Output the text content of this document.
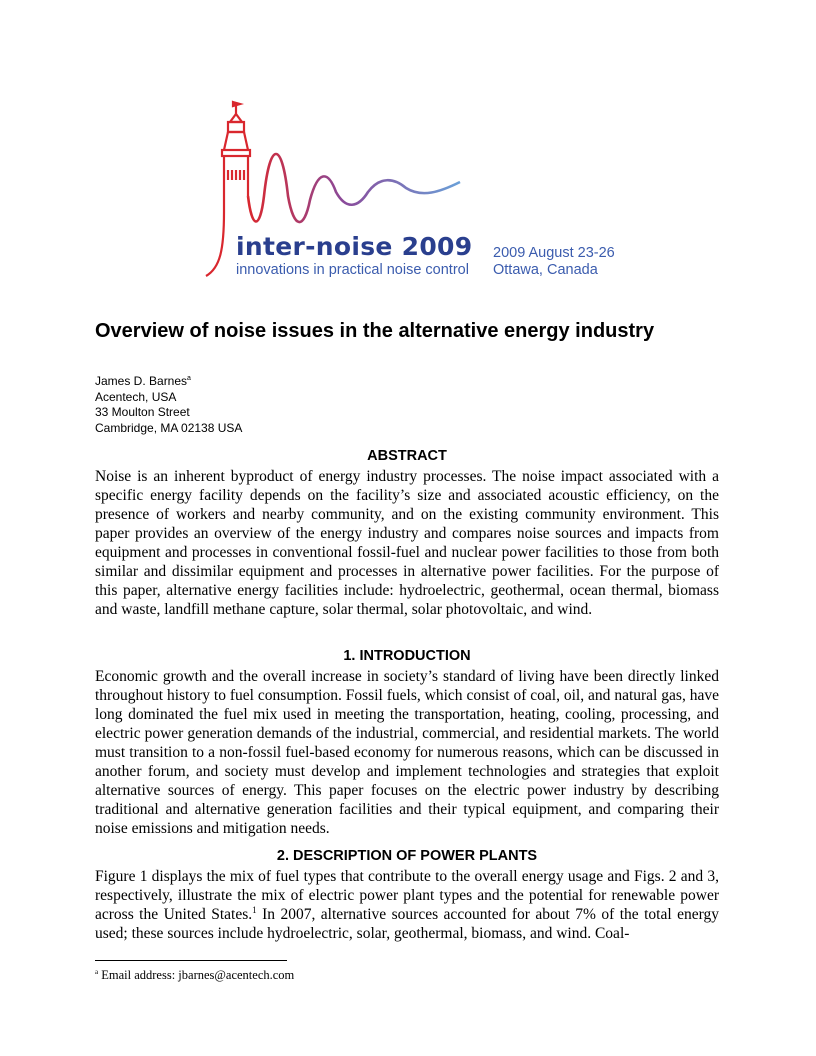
inter-noise 2009
innovations in practical noise control
2009 August 23-26
Ottawa, Canada
Overview of noise issues in the alternative energy industry
James D. Barnes$^a$
Acentech, USA
33 Moulton Street
Cambridge, MA 02138 USA
ABSTRACT

Noise is an inherent byproduct of energy industry processes. The noise impact associated with a specific energy facility depends on the facility’s size and associated acoustic efficiency, on the presence of workers and nearby community, and on the existing community environment. This paper provides an overview of the energy industry and compares noise sources and impacts from equipment and processes in conventional fossil-fuel and nuclear power facilities to those from both similar and dissimilar equipment and processes in alternative power facilities. For the purpose of this paper, alternative energy facilities include: hydroelectric, geothermal, ocean thermal, biomass and waste, landfill methane capture, solar thermal, solar photovoltaic, and wind.

1. INTRODUCTION

Economic growth and the overall increase in society’s standard of living have been directly linked throughout history to fuel consumption. Fossil fuels, which consist of coal, oil, and natural gas, have long dominated the fuel mix used in meeting the transportation, heating, cooling, processing, and electric power generation demands of the industrial, commercial, and residential markets. The world must transition to a non-fossil fuel-based economy for numerous reasons, which can be discussed in another forum, and society must develop and implement technologies and strategies that exploit alternative sources of energy. This paper focuses on the electric power industry by describing traditional and alternative generation facilities and their typical equipment, and comparing their noise emissions and mitigation needs.

2. DESCRIPTION OF POWER PLANTS

Figure 1 displays the mix of fuel types that contribute to the overall energy usage and Figs. 2 and 3, respectively, illustrate the mix of electric power plant types and the potential for renewable power across the United States.$^1$ In 2007, alternative sources accounted for about 7% of the total energy used; these sources include hydroelectric, solar, geothermal, biomass, and wind. Coal-

$^a$ Email address: jbarnes@acentech.com
